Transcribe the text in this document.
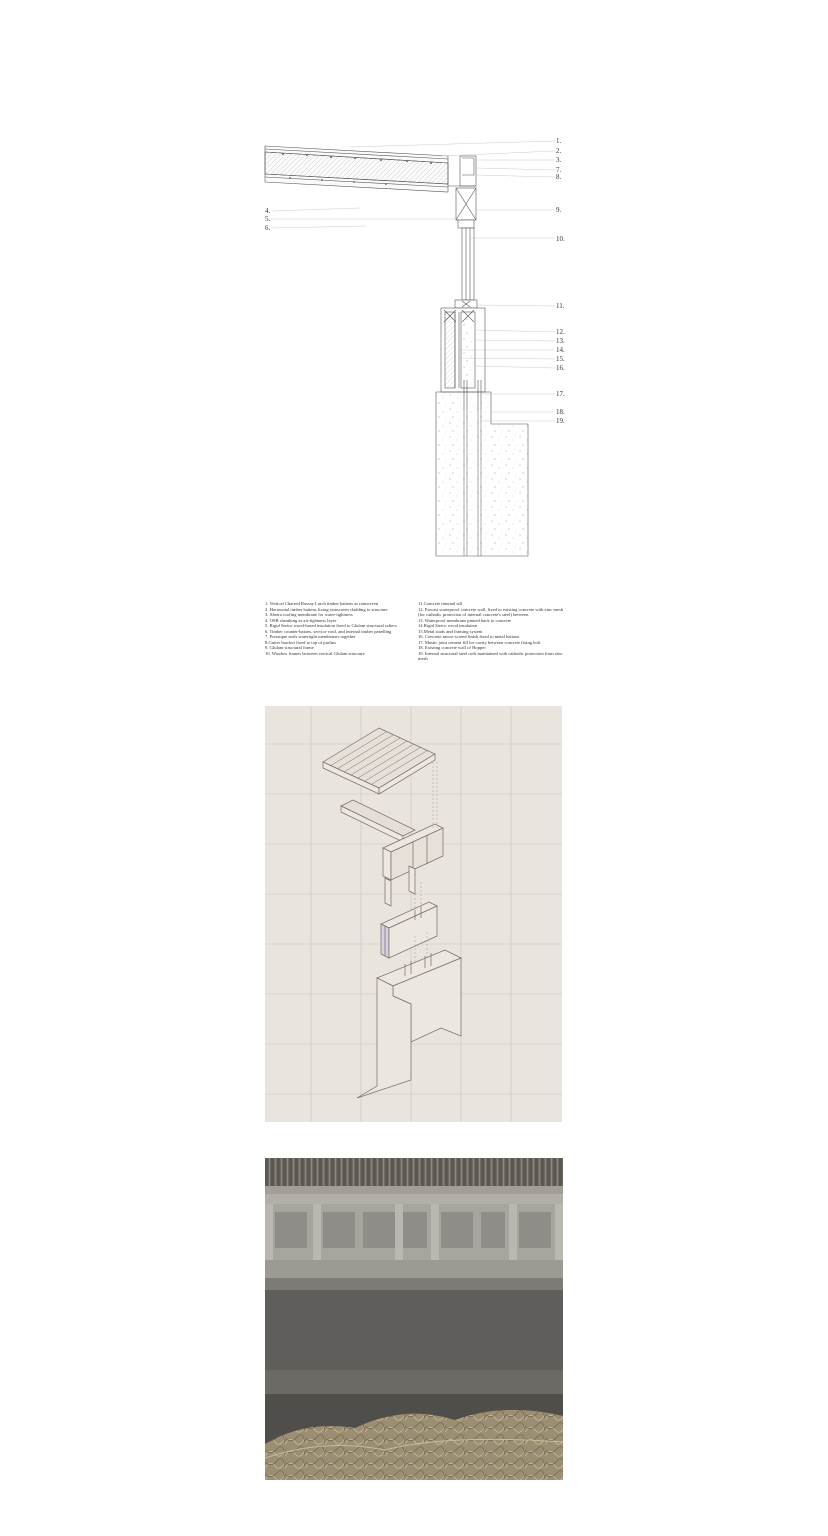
1.
2.
3.
7.
8.
9.
10.
11.
12.
13.
14.
15.
16.
17.
18.
19.
4.
5.
6.
1. Vertical Charred Rassay Larch timber battens as rainscreen
2. Horizontal timber battens fixing rainscreen cladding to structure
3. Abetra roofing membrane for water-tightness
4. OSB sheathing as air-tightness layer
5. Rigid Steico wood-based insulation fixed to Glulam structural rafters
6. Timber counter-batons, service void, and internal timber panelling
7. Pressique seals watertight membranes together
8.Gutter bracket fixed to top of purlins
9. Glulam structural frame
10. Window frames between vertical Glulam structure
11.Concrete internal sill
12. Precast waterproof concrete wall, fixed to existing concrete with zinc mesh (for cathodic protection of internal concrete's steel) between
13. Waterproof membrane pinned back to concrete
14.Rigid Steico wood insulation
15.Metal studs and framing system
16. Concrete micro-screed finish fixed to metal battons
17. Mastic joint cement fill for cavity between concrete fixing bolt
18. Existing concrete wall of Hopper
19. Internal structural steel rods maintained with cathodic protection from zinc mesh
